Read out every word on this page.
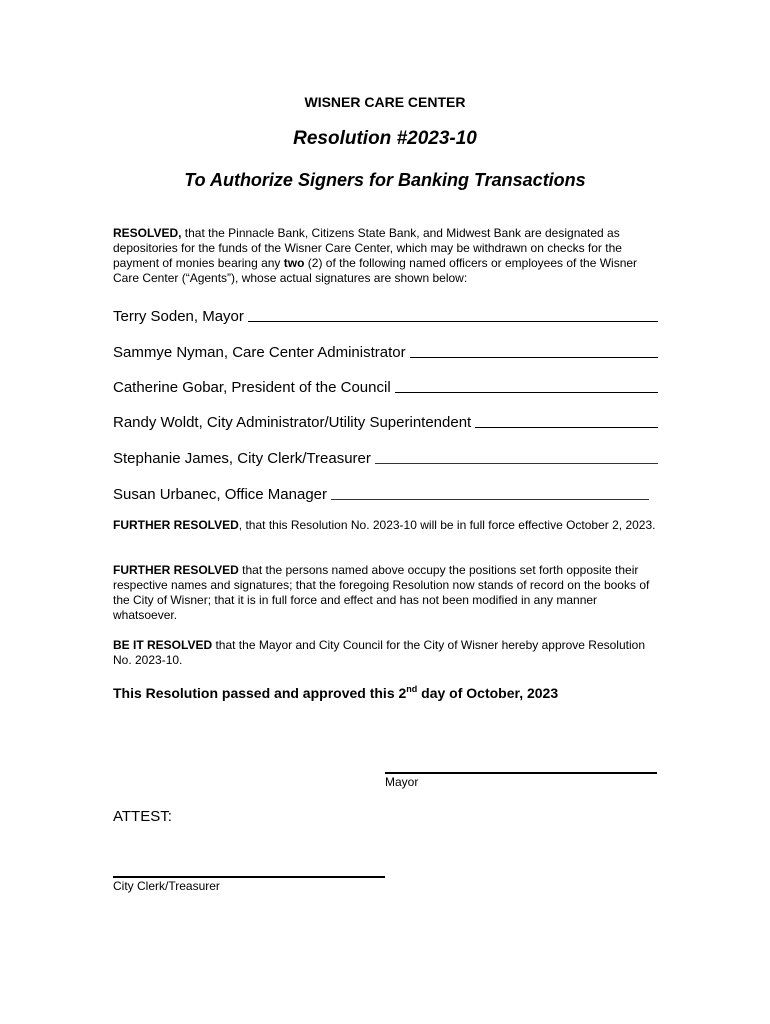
WISNER CARE CENTER
Resolution #2023-10
To Authorize Signers for Banking Transactions
RESOLVED, that the Pinnacle Bank, Citizens State Bank, and Midwest Bank are designated as depositories for the funds of the Wisner Care Center, which may be withdrawn on checks for the payment of monies bearing any two (2) of the following named officers or employees of the Wisner Care Center (“Agents”), whose actual signatures are shown below:
Terry Soden, Mayor
Sammye Nyman, Care Center Administrator
Catherine Gobar, President of the Council
Randy Woldt, City Administrator/Utility Superintendent
Stephanie James, City Clerk/Treasurer
Susan Urbanec, Office Manager
FURTHER RESOLVED, that this Resolution No. 2023-10 will be in full force effective October 2, 2023.
FURTHER RESOLVED that the persons named above occupy the positions set forth opposite their respective names and signatures; that the foregoing Resolution now stands of record on the books of the City of Wisner; that it is in full force and effect and has not been modified in any manner whatsoever.
BE IT RESOLVED that the Mayor and City Council for the City of Wisner hereby approve Resolution No. 2023-10.
This Resolution passed and approved this 2nd day of October, 2023
Mayor
ATTEST:
City Clerk/Treasurer
